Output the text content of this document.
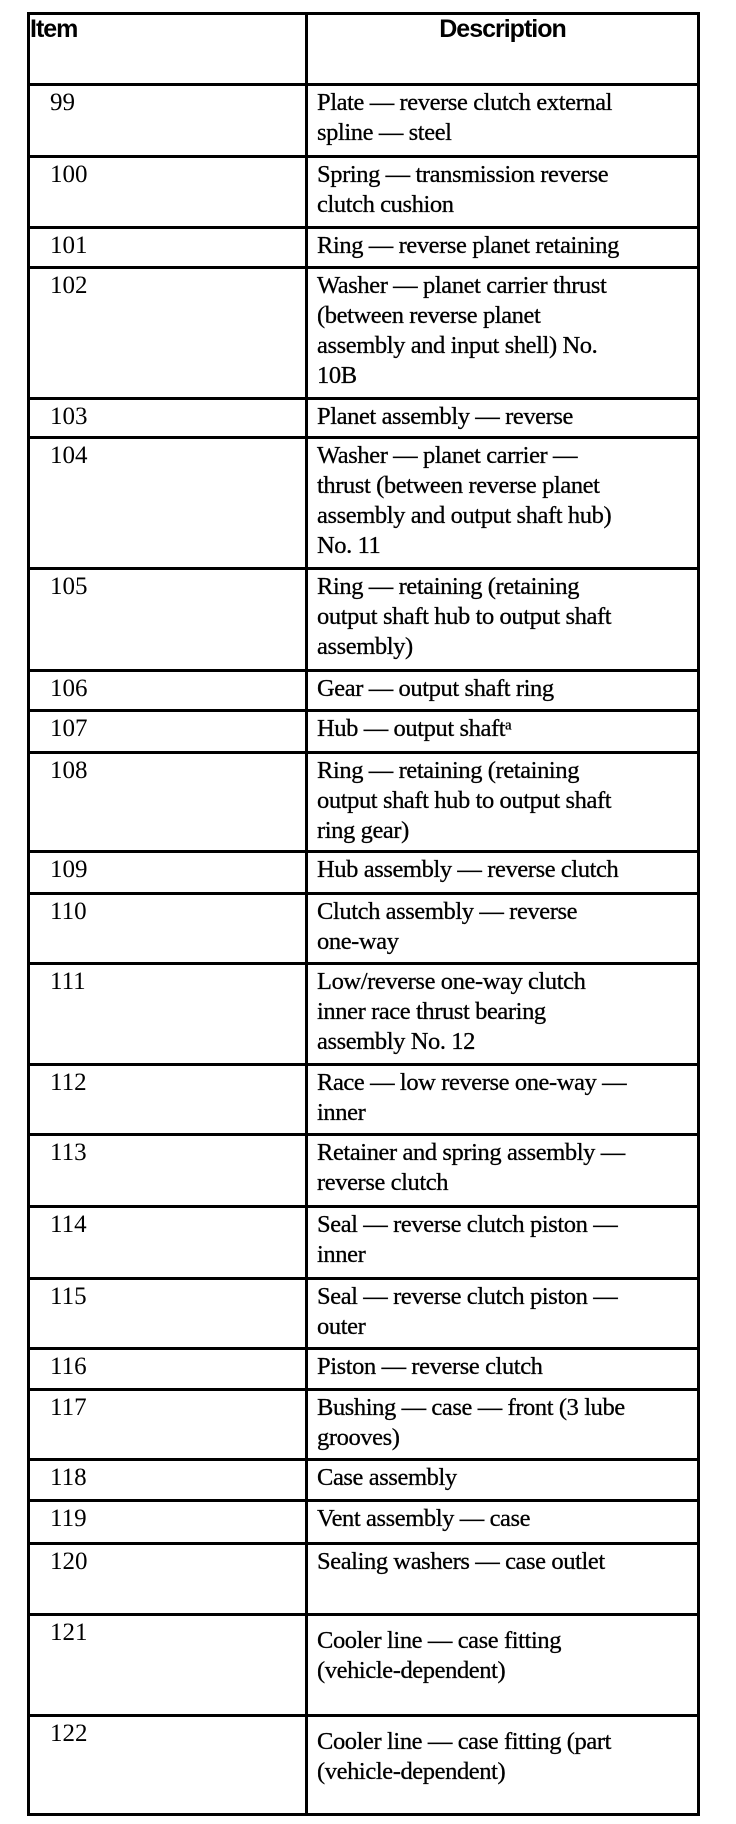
Item	Description
99	Plate — reverse clutch external
spline — steel
100	Spring — transmission reverse
clutch cushion
101	Ring — reverse planet retaining
102	Washer — planet carrier thrust
(between reverse planet
assembly and input shell) No.
10B
103	Planet assembly — reverse
104	Washer — planet carrier —
thrust (between reverse planet
assembly and output shaft hub)
No. 11
105	Ring — retaining (retaining
output shaft hub to output shaft
assembly)
106	Gear — output shaft ring
107	Hub — output shaftᵃ
108	Ring — retaining (retaining
output shaft hub to output shaft
ring gear)
109	Hub assembly — reverse clutch
110	Clutch assembly — reverse
one-way
111	Low/reverse one-way clutch
inner race thrust bearing
assembly No. 12
112	Race — low reverse one-way —
inner
113	Retainer and spring assembly —
reverse clutch
114	Seal — reverse clutch piston —
inner
115	Seal — reverse clutch piston —
outer
116	Piston — reverse clutch
117	Bushing — case — front (3 lube
grooves)
118	Case assembly
119	Vent assembly — case
120	Sealing washers — case outlet
121	Cooler line — case fitting
(vehicle-dependent)
122	Cooler line — case fitting (part
(vehicle-dependent)
